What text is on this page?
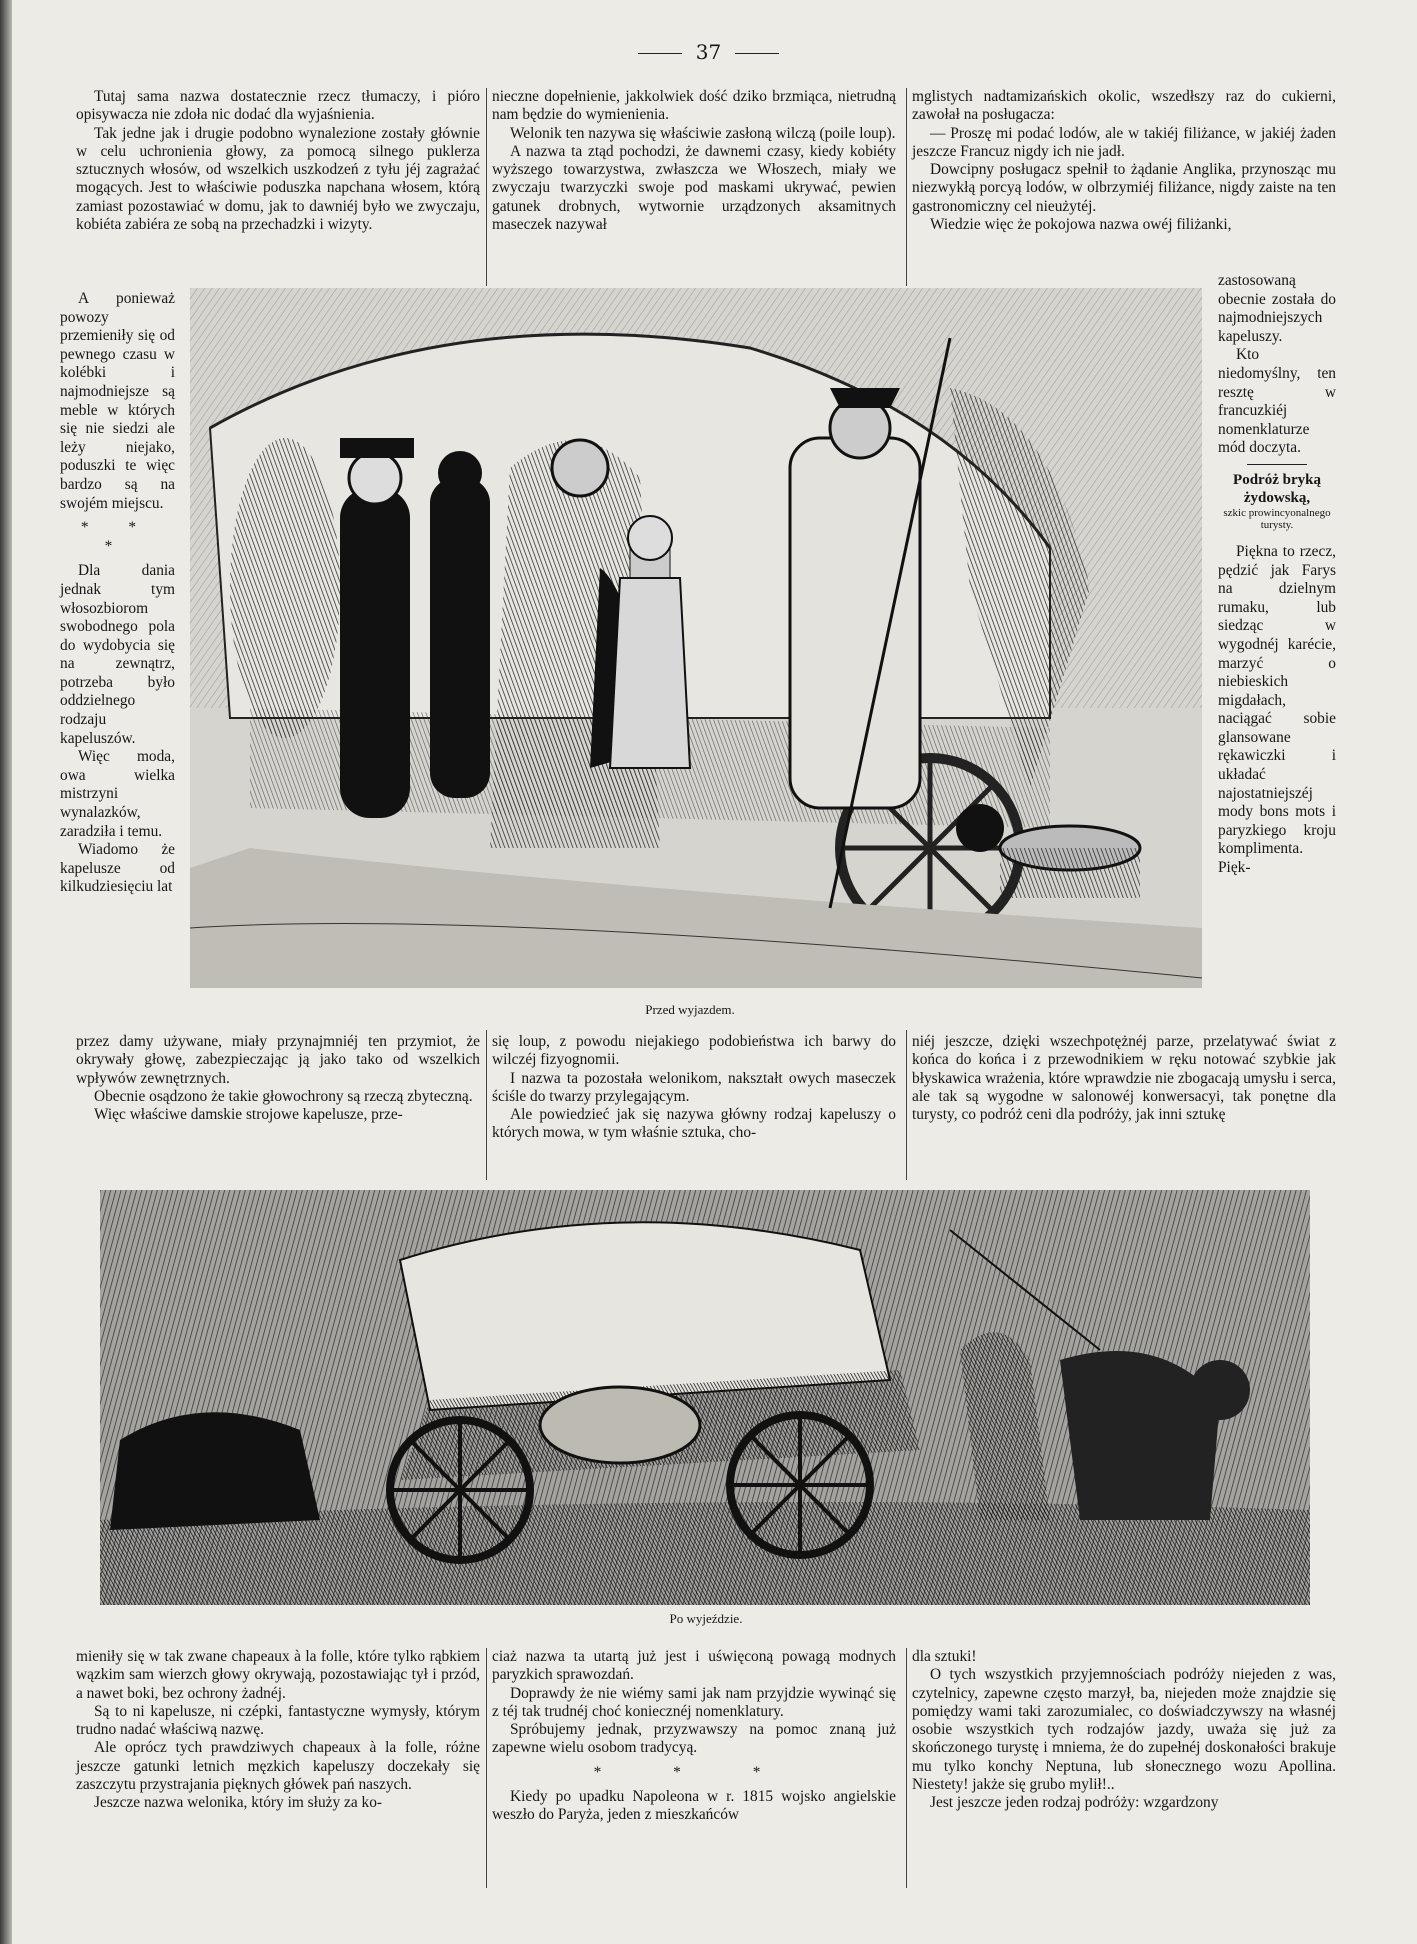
37

Tutaj sama nazwa dostatecznie rzecz tłumaczy, i pióro opisywacza nie zdoła nic dodać dla wyjaśnienia.

Tak jedne jak i drugie podobno wynalezione zostały głównie w celu uchronienia głowy, za pomocą silnego puklerza sztucznych włosów, od wszelkich uszkodzeń z tyłu jéj zagrażać mogących. Jest to właściwie poduszka napchana włosem, którą zamiast pozostawiać w domu, jak to dawniéj było we zwyczaju, kobiéta zabiéra ze sobą na przechadzki i wizyty.

A ponieważ powozy przemieniły się od pewnego czasu w kolébki i najmodniejsze są meble w których się nie siedzi ale leży niejako, poduszki te więc bardzo są na swojém miejscu.

* * *

Dla dania jednak tym włosozbiorom swobodnego pola do wydobycia się na zewnątrz, potrzeba było oddzielnego rodzaju kapeluszów.

Więc moda, owa wielka mistrzyni wynalazków, zaradziła i temu.

Wiadomo że kapelusze od kilkudziesięciu lat

przez damy używane, miały przynajmniéj ten przymiot, że okrywały głowę, zabezpieczając ją jako tako od wszelkich wpływów zewnętrznych.

Obecnie osądzono że takie głowochrony są rzeczą zbyteczną.

Więc właściwe damskie strojowe kapelusze, prze-

nieczne dopełnienie, jakkolwiek dość dziko brzmiąca, nietrudną nam będzie do wymienienia.

Welonik ten nazywa się właściwie zasłoną wilczą (poile loup).

A nazwa ta ztąd pochodzi, że dawnemi czasy, kiedy kobiéty wyższego towarzystwa, zwłaszcza we Włoszech, miały we zwyczaju twarzyczki swoje pod maskami ukrywać, pewien gatunek drobnych, wytwornie urządzonych aksamitnych maseczek nazywał

się loup, z powodu niejakiego podobieństwa ich barwy do wilczéj fizyognomii.

I nazwa ta pozostała welonikom, nakształt owych maseczek ściśle do twarzy przylegającym.

Ale powiedzieć jak się nazywa główny rodzaj kapeluszy o których mowa, w tym właśnie sztuka, cho-

mglistych nadtamizańskich okolic, wszedłszy raz do cukierni, zawołał na posługacza:

— Proszę mi podać lodów, ale w takiéj filiżance, w jakiéj żaden jeszcze Francuz nigdy ich nie jadł.

Dowcipny posługacz spełnił to żądanie Anglika, przynosząc mu niezwykłą porcyą lodów, w olbrzymiéj filiżance, nigdy zaiste na ten gastronomiczny cel nieużytéj.

Wiedzie więc że pokojowa nazwa owéj filiżanki,

zastosowaną obecnie została do najmodniejszych kapeluszy.

Kto niedomyślny, ten resztę w francuzkiéj nomenklaturze mód doczyta.

Podróż bryką żydowską,
szkic prowincyonalnego turysty.

Piękna to rzecz, pędzić jak Farys na dzielnym rumaku, lub siedząc w wygodnéj karécie, marzyć o niebieskich migdałach, naciągać sobie glansowane rękawiczki i układać najostatniejszéj mody bons mots i paryzkiego kroju komplimenta. Pięk-

niéj jeszcze, dzięki wszechpotężnéj parze, przelatywać świat z końca do końca i z przewodnikiem w ręku notować szybkie jak błyskawica wrażenia, które wprawdzie nie zbogacają umysłu i serca, ale tak są wygodne w salonowéj konwersacyi, tak ponętne dla turysty, co podróż ceni dla podróży, jak inni sztukę

Przed wyjazdem.
Po wyjeździe.

mieniły się w tak zwane chapeaux à la folle, które tylko rąbkiem wązkim sam wierzch głowy okrywają, pozostawiając tył i przód, a nawet boki, bez ochrony żadnéj.

Są to ni kapelusze, ni czépki, fantastyczne wymysły, którym trudno nadać właściwą nazwę.

Ale oprócz tych prawdziwych chapeaux à la folle, różne jeszcze gatunki letnich męzkich kapeluszy doczekały się zaszczytu przystrajania pięknych główek pań naszych.

Jeszcze nazwa welonika, który im służy za ko-

ciaż nazwa ta utartą już jest i uświęconą powagą modnych paryzkich sprawozdań.

Doprawdy że nie wiémy sami jak nam przyjdzie wywinąć się z téj tak trudnéj choć koniecznéj nomenklatury.

Spróbujemy jednak, przyzwawszy na pomoc znaną już zapewne wielu osobom tradycyą.

* * *

Kiedy po upadku Napoleona w r. 1815 wojsko angielskie weszło do Paryża, jeden z mieszkańców

dla sztuki!

O tych wszystkich przyjemnościach podróży niejeden z was, czytelnicy, zapewne często marzył, ba, niejeden może znajdzie się pomiędzy wami taki zarozumialec, co doświadczywszy na własnéj osobie wszystkich tych rodzajów jazdy, uważa się już za skończonego turystę i mniema, że do zupełnéj doskonałości brakuje mu tylko konchy Neptuna, lub słonecznego wozu Apollina. Niestety! jakże się grubo mylił!..

Jest jeszcze jeden rodzaj podróży: wzgardzony
